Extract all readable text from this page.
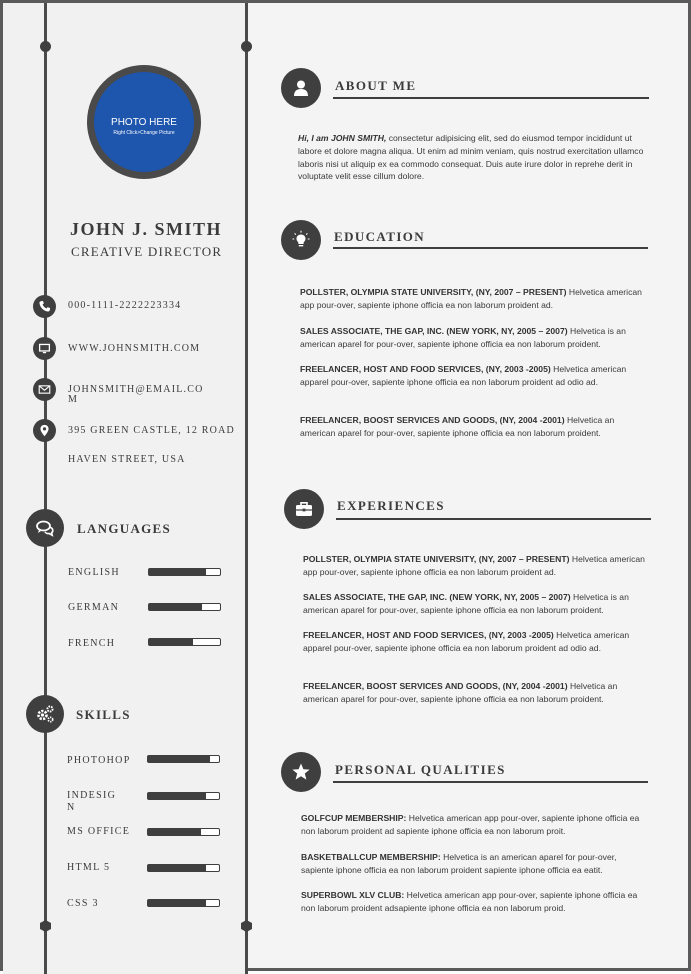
PHOTO HERE
Right Click>Change Picture
JOHN J. SMITH
CREATIVE DIRECTOR
000-1111-2222223334
WWW.JOHNSMITH.COM
JOHNSMITH@EMAIL.CO
395 GREEN CASTLE, 12 ROAD
HAVEN STREET, USA
LANGUAGES
ENGLISH
GERMAN
FRENCH
SKILLS
PHOTOHOP
INDESIG
MS OFFICE
HTML 5
CSS 3
ABOUT ME
Hi, I am JOHN SMITH, consectetur adipisicing elit, sed do eiusmod tempor incididunt ut labore et dolore magna aliqua. Ut enim ad minim veniam, quis nostrud exercitation ullamco laboris nisi ut aliquip ex ea commodo consequat. Duis aute irure dolor in reprehe derit in voluptate velit esse cillum dolore.
EDUCATION
POLLSTER, OLYMPIA STATE UNIVERSITY, (NY, 2007 – PRESENT) Helvetica american app pour-over, sapiente iphone officia ea non laborum proident ad.
SALES ASSOCIATE, THE GAP, INC. (NEW YORK, NY, 2005 – 2007) Helvetica is an american aparel for pour-over, sapiente iphone officia ea non laborum proident.
FREELANCER, HOST AND FOOD SERVICES, (NY, 2003 -2005) Helvetica american apparel pour-over, sapiente iphone officia ea non laborum proident ad odio ad.
FREELANCER, BOOST SERVICES AND GOODS, (NY, 2004 -2001) Helvetica an american aparel for pour-over, sapiente iphone officia ea non laborum proident.
EXPERIENCES
POLLSTER, OLYMPIA STATE UNIVERSITY, (NY, 2007 – PRESENT) Helvetica american app pour-over, sapiente iphone officia ea non laborum proident ad.
SALES ASSOCIATE, THE GAP, INC. (NEW YORK, NY, 2005 – 2007) Helvetica is an american aparel for pour-over, sapiente iphone officia ea non laborum proident.
FREELANCER, HOST AND FOOD SERVICES, (NY, 2003 -2005) Helvetica american apparel pour-over, sapiente iphone officia ea non laborum proident ad odio ad.
FREELANCER, BOOST SERVICES AND GOODS, (NY, 2004 -2001) Helvetica an american aparel for pour-over, sapiente iphone officia ea non laborum proident.
PERSONAL QUALITIES
GOLFCUP MEMBERSHIP: Helvetica american app pour-over, sapiente iphone officia ea non laborum proident ad sapiente iphone officia ea non laborum proit.
BASKETBALLCUP MEMBERSHIP: Helvetica is an american aparel for pour-over, sapiente iphone officia ea non laborum proident sapiente iphone officia ea eatit.
SUPERBOWL XLV CLUB: Helvetica american app pour-over, sapiente iphone officia ea non laborum proident adsapiente iphone officia ea non laborum proid.
